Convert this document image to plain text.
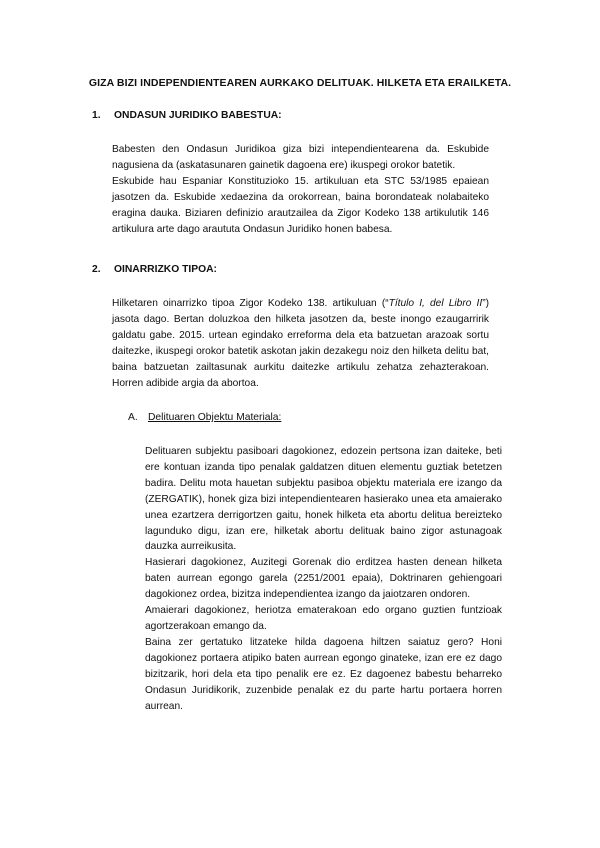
GIZA BIZI INDEPENDIENTEAREN AURKAKO DELITUAK. HILKETA ETA ERAILKETA.
1. ONDASUN JURIDIKO BABESTUA:

Babesten den Ondasun Juridikoa giza bizi intependientearena da. Eskubide nagusiena da (askatasunaren gainetik dagoena ere) ikuspegi orokor batetik.

Eskubide hau Espaniar Konstituzioko 15. artikuluan eta STC 53/1985 epaiean jasotzen da. Eskubide xedaezina da orokorrean, baina borondateak nolabaiteko eragina dauka. Biziaren definizio arautzailea da Zigor Kodeko 138 artikulutik 146 artikulura arte dago araututa Ondasun Juridiko honen babesa.

2. OINARRIZKO TIPOA:

Hilketaren oinarrizko tipoa Zigor Kodeko 138. artikuluan (“Título I, del Libro II”) jasota dago. Bertan doluzkoa den hilketa jasotzen da, beste inongo ezaugarririk galdatu gabe. 2015. urtean egindako erreforma dela eta batzuetan arazoak sortu daitezke, ikuspegi orokor batetik askotan jakin dezakegu noiz den hilketa delitu bat, baina batzuetan zailtasunak aurkitu daitezke artikulu zehatza zehazterakoan. Horren adibide argia da abortoa.

A. Delituaren Objektu Materiala:

Delituaren subjektu pasiboari dagokionez, edozein pertsona izan daiteke, beti ere kontuan izanda tipo penalak galdatzen dituen elementu guztiak betetzen badira. Delitu mota hauetan subjektu pasiboa objektu materiala ere izango da (ZERGATIK), honek giza bizi intependientearen hasierako unea eta amaierako unea ezartzera derrigortzen gaitu, honek hilketa eta abortu delitua bereizteko lagunduko digu, izan ere, hilketak abortu delituak baino zigor astunagoak dauzka aurreikusita.

Hasierari dagokionez, Auzitegi Gorenak dio erditzea hasten denean hilketa baten aurrean egongo garela (2251/2001 epaia), Doktrinaren gehiengoari dagokionez ordea, bizitza independientea izango da jaiotzaren ondoren.

Amaierari dagokionez, heriotza ematerakoan edo organo guztien funtzioak agortzerakoan emango da.

Baina zer gertatuko litzateke hilda dagoena hiltzen saiatuz gero? Honi dagokionez portaera atipiko baten aurrean egongo ginateke, izan ere ez dago bizitzarik, hori dela eta tipo penalik ere ez. Ez dagoenez babestu beharreko Ondasun Juridikorik, zuzenbide penalak ez du parte hartu portaera horren aurrean.
